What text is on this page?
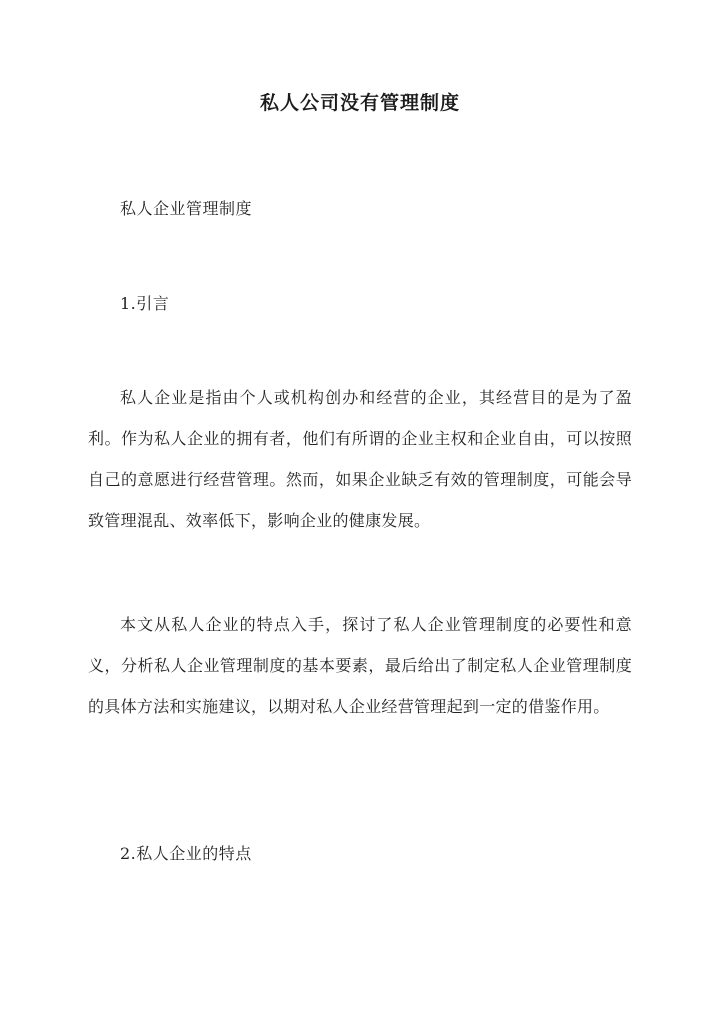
私人公司没有管理制度
私人企业管理制度
1.引言

私人企业是指由个人或机构创办和经营的企业，其经营目的是为了盈利。作为私人企业的拥有者，他们有所谓的企业主权和企业自由，可以按照自己的意愿进行经营管理。然而，如果企业缺乏有效的管理制度，可能会导致管理混乱、效率低下，影响企业的健康发展。

本文从私人企业的特点入手，探讨了私人企业管理制度的必要性和意义，分析私人企业管理制度的基本要素，最后给出了制定私人企业管理制度的具体方法和实施建议，以期对私人企业经营管理起到一定的借鉴作用。

2.私人企业的特点
